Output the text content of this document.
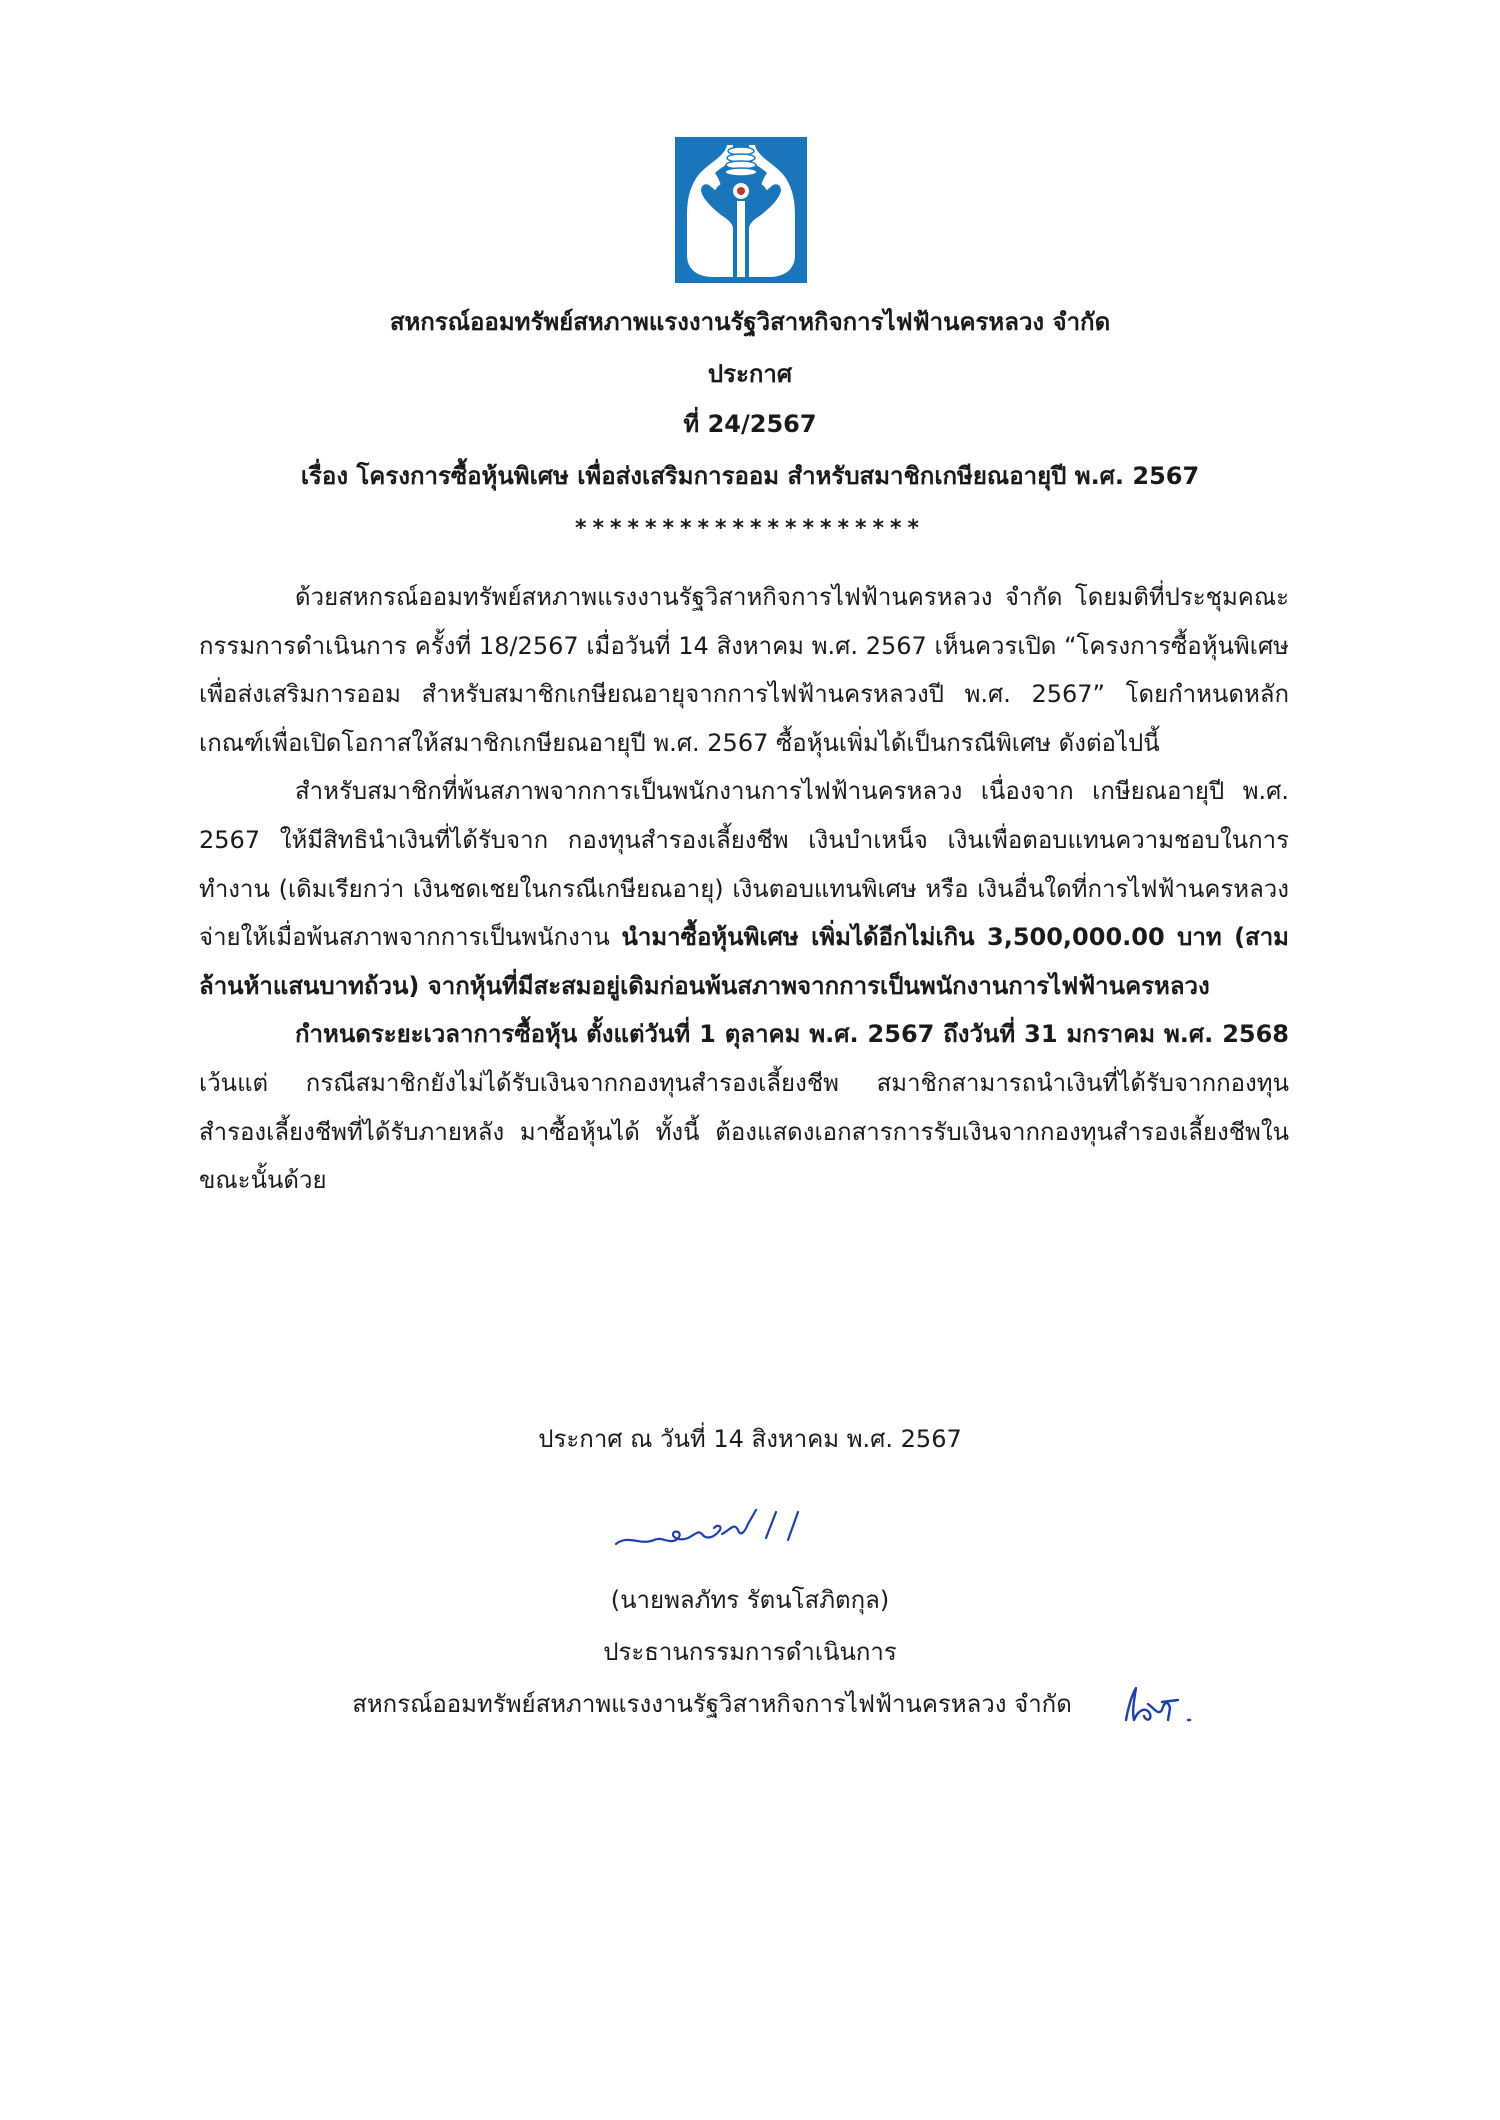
สหกรณ์ออมทรัพย์สหภาพแรงงานรัฐวิสาหกิจการไฟฟ้านครหลวง จำกัด
ประกาศ
ที่ 24/2567
เรื่อง โครงการซื้อหุ้นพิเศษ เพื่อส่งเสริมการออม สำหรับสมาชิกเกษียณอายุปี พ.ศ. 2567
********************

ด้วยสหกรณ์ออมทรัพย์สหภาพแรงงานรัฐวิสาหกิจการไฟฟ้านครหลวง จำกัด โดยมติที่ประชุมคณะกรรมการดำเนินการ ครั้งที่ 18/2567 เมื่อวันที่ 14 สิงหาคม พ.ศ. 2567 เห็นควรเปิด “โครงการซื้อหุ้นพิเศษ เพื่อส่งเสริมการออม สำหรับสมาชิกเกษียณอายุจากการไฟฟ้านครหลวงปี พ.ศ. 2567” โดยกำหนดหลักเกณฑ์เพื่อเปิดโอกาสให้สมาชิกเกษียณอายุปี พ.ศ. 2567 ซื้อหุ้นเพิ่มได้เป็นกรณีพิเศษ ดังต่อไปนี้

สำหรับสมาชิกที่พ้นสภาพจากการเป็นพนักงานการไฟฟ้านครหลวง เนื่องจาก เกษียณอายุปี พ.ศ. 2567 ให้มีสิทธินำเงินที่ได้รับจาก กองทุนสำรองเลี้ยงชีพ เงินบำเหน็จ เงินเพื่อตอบแทนความชอบในการทำงาน (เดิมเรียกว่า เงินชดเชยในกรณีเกษียณอายุ) เงินตอบแทนพิเศษ หรือ เงินอื่นใดที่การไฟฟ้านครหลวง จ่ายให้เมื่อพ้นสภาพจากการเป็นพนักงาน นำมาซื้อหุ้นพิเศษ เพิ่มได้อีกไม่เกิน 3,500,000.00 บาท (สามล้านห้าแสนบาทถ้วน) จากหุ้นที่มีสะสมอยู่เดิมก่อนพ้นสภาพจากการเป็นพนักงานการไฟฟ้านครหลวง

กำหนดระยะเวลาการซื้อหุ้น ตั้งแต่วันที่ 1 ตุลาคม พ.ศ. 2567 ถึงวันที่ 31 มกราคม พ.ศ. 2568 เว้นแต่ กรณีสมาชิกยังไม่ได้รับเงินจากกองทุนสำรองเลี้ยงชีพ สมาชิกสามารถนำเงินที่ได้รับจากกองทุนสำรองเลี้ยงชีพที่ได้รับภายหลัง มาซื้อหุ้นได้ ทั้งนี้ ต้องแสดงเอกสารการรับเงินจากกองทุนสำรองเลี้ยงชีพในขณะนั้นด้วย

ประกาศ ณ วันที่ 14 สิงหาคม พ.ศ. 2567
(นายพลภัทร รัตนโสภิตกุล)
ประธานกรรมการดำเนินการ
สหกรณ์ออมทรัพย์สหภาพแรงงานรัฐวิสาหกิจการไฟฟ้านครหลวง จำกัด
